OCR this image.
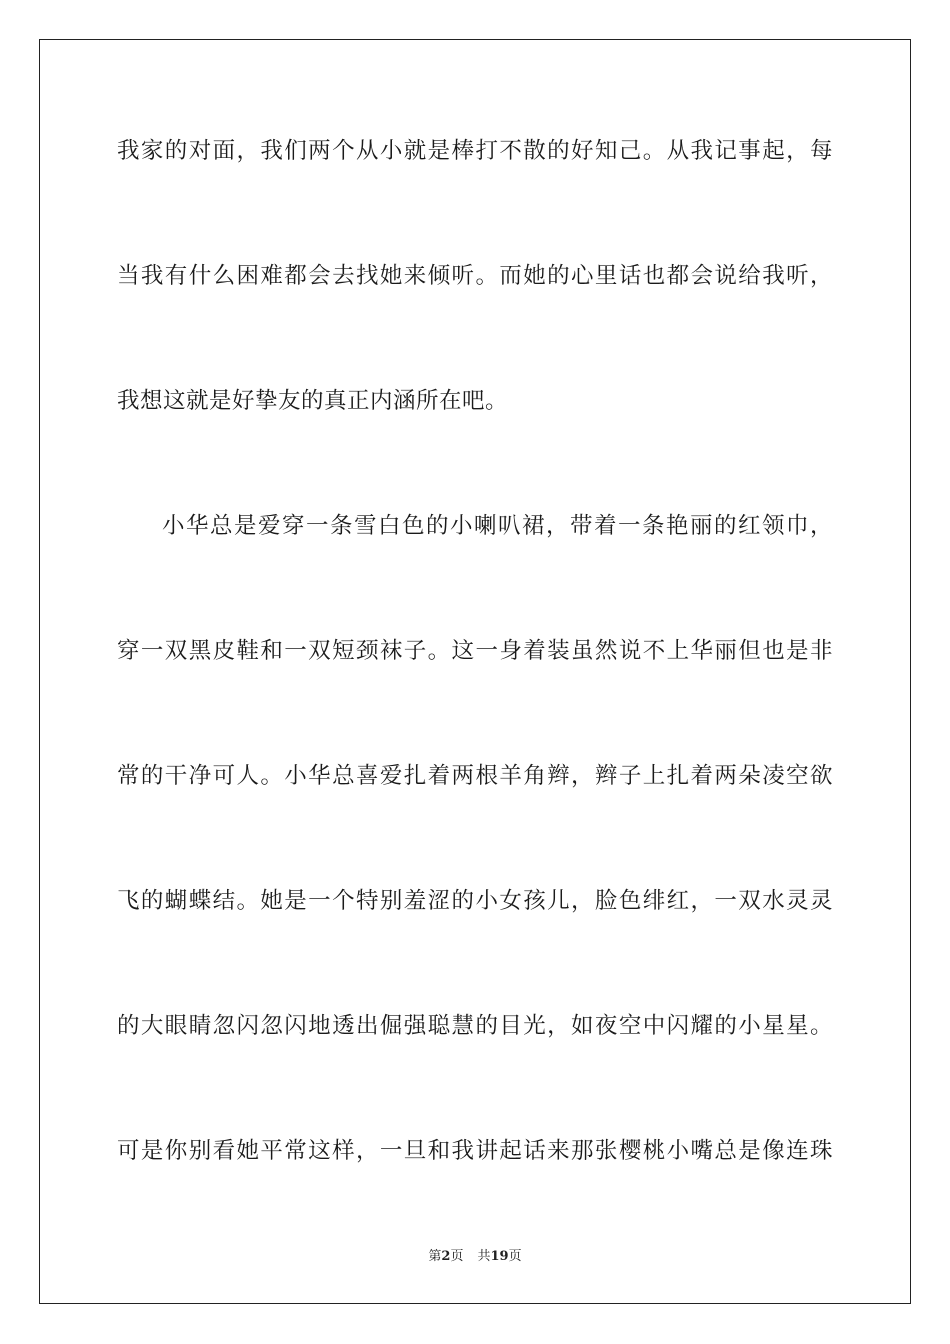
我家的对面，我们两个从小就是棒打不散的好知己。从我记事起，每
当我有什么困难都会去找她来倾听。而她的心里话也都会说给我听，
我想这就是好挚友的真正内涵所在吧。
小华总是爱穿一条雪白色的小喇叭裙，带着一条艳丽的红领巾，
穿一双黑皮鞋和一双短颈袜子。这一身着装虽然说不上华丽但也是非
常的干净可人。小华总喜爱扎着两根羊角辫，辫子上扎着两朵凌空欲
飞的蝴蝶结。她是一个特别羞涩的小女孩儿，脸色绯红，一双水灵灵
的大眼睛忽闪忽闪地透出倔强聪慧的目光，如夜空中闪耀的小星星。
可是你别看她平常这样，一旦和我讲起话来那张樱桃小嘴总是像连珠
第2页 共19页
